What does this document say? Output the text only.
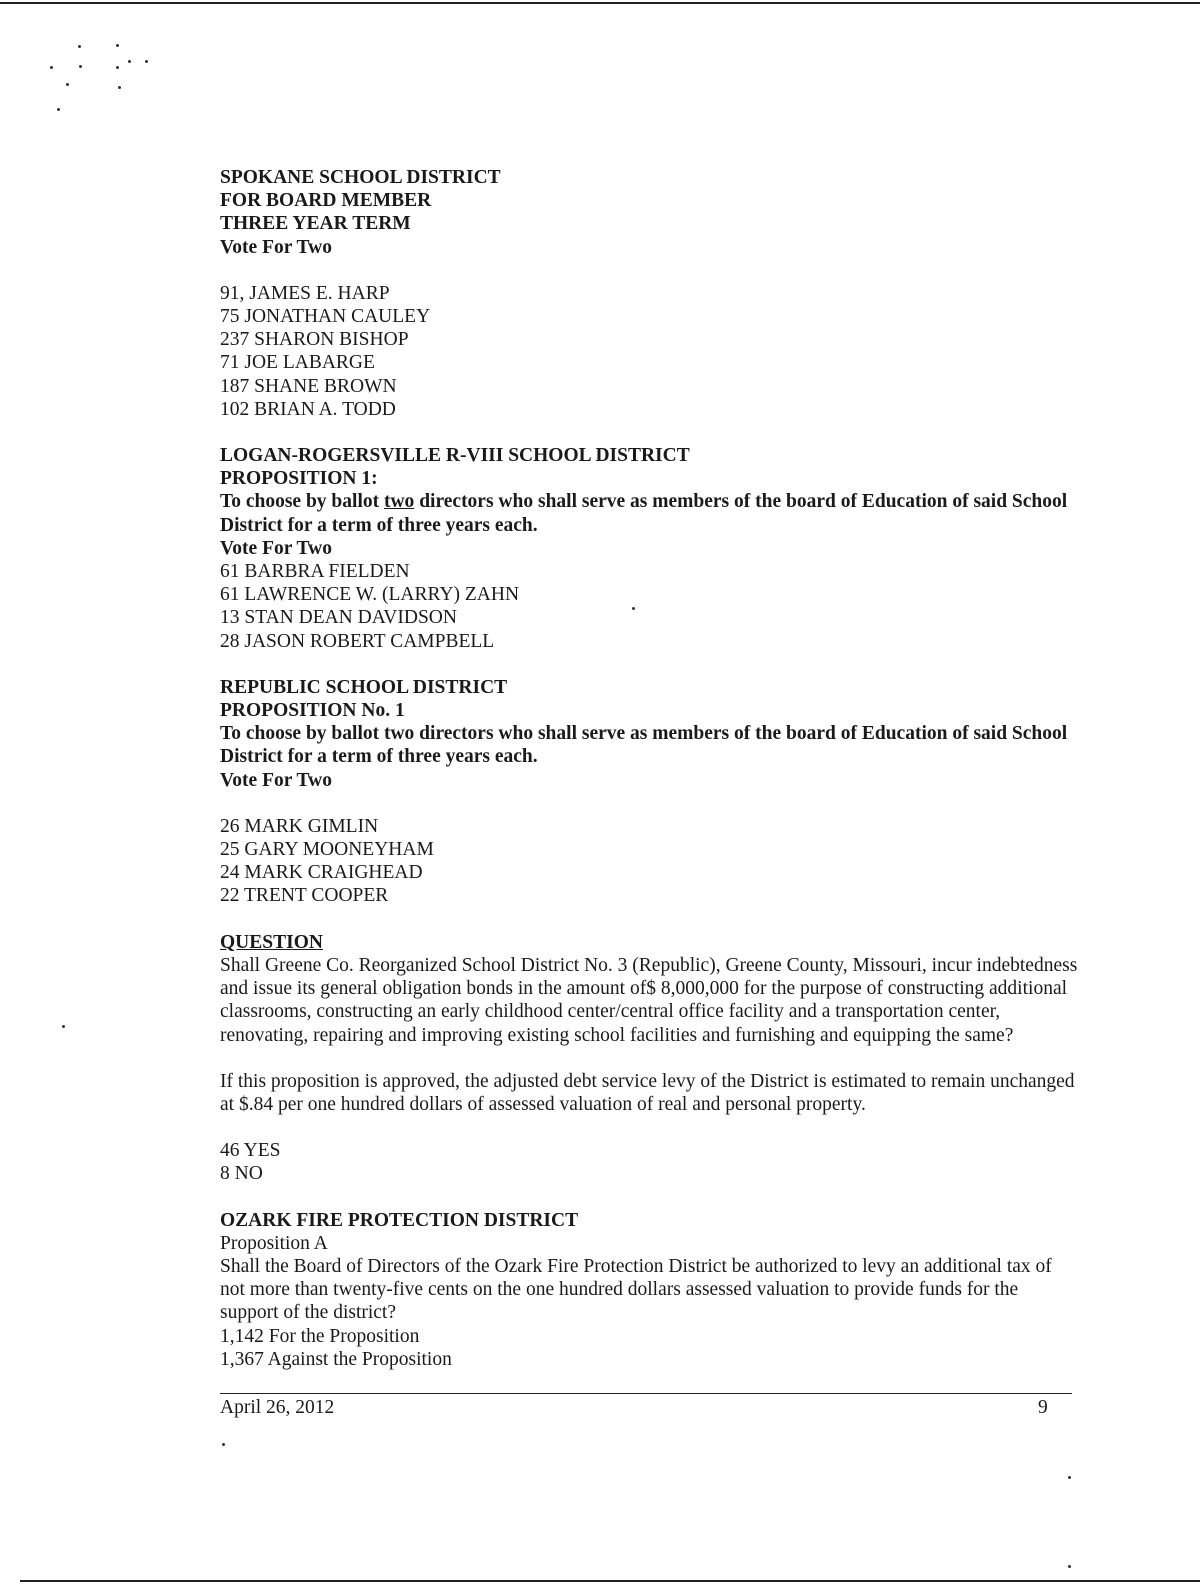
SPOKANE SCHOOL DISTRICT
FOR BOARD MEMBER
THREE YEAR TERM
Vote For Two
91, JAMES E. HARP
75 JONATHAN CAULEY
237 SHARON BISHOP
71 JOE LABARGE
187 SHANE BROWN
102 BRIAN A. TODD
LOGAN-ROGERSVILLE R-VIII SCHOOL DISTRICT
PROPOSITION 1:
To choose by ballot two directors who shall serve as members of the board of Education of said School District for a term of three years each.
Vote For Two
61 BARBRA FIELDEN
61 LAWRENCE W. (LARRY) ZAHN
13 STAN DEAN DAVIDSON
28 JASON ROBERT CAMPBELL
REPUBLIC SCHOOL DISTRICT
PROPOSITION No. 1
To choose by ballot two directors who shall serve as members of the board of Education of said School District for a term of three years each.
Vote For Two
26 MARK GIMLIN
25 GARY MOONEYHAM
24 MARK CRAIGHEAD
22 TRENT COOPER
QUESTION
Shall Greene Co. Reorganized School District No. 3 (Republic), Greene County, Missouri, incur indebtedness and issue its general obligation bonds in the amount of$ 8,000,000 for the purpose of constructing additional classrooms, constructing an early childhood center/central office facility and a transportation center, renovating, repairing and improving existing school facilities and furnishing and equipping the same?
If this proposition is approved, the adjusted debt service levy of the District is estimated to remain unchanged at $.84 per one hundred dollars of assessed valuation of real and personal property.
46 YES
8 NO
OZARK FIRE PROTECTION DISTRICT
Proposition A
Shall the Board of Directors of the Ozark Fire Protection District be authorized to levy an additional tax of not more than twenty-five cents on the one hundred dollars assessed valuation to provide funds for the support of the district?
1,142 For the Proposition
1,367 Against the Proposition
April 26, 2012	9
